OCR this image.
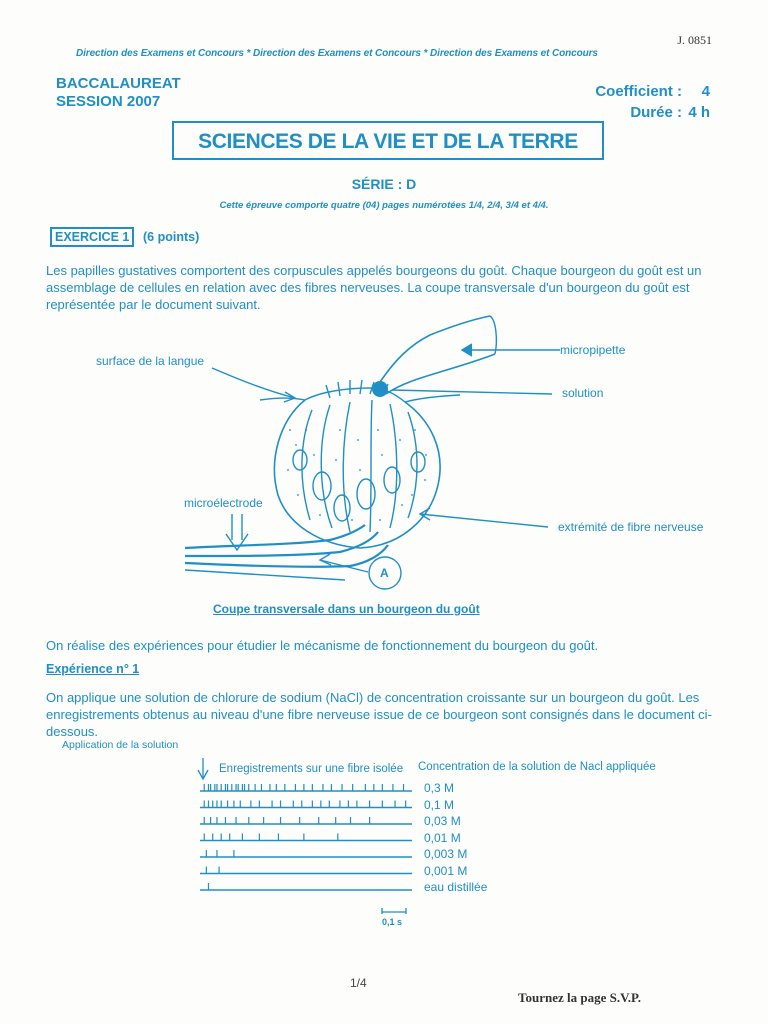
J. 0851
Direction des Examens et Concours * Direction des Examens et Concours * Direction des Examens et Concours
BACCALAUREAT
SESSION 2007
Coefficient : 4
Durée : 4 h
SCIENCES DE LA VIE ET DE LA TERRE
SÉRIE : D
Cette épreuve comporte quatre (04) pages numérotées 1/4, 2/4, 3/4 et 4/4.
EXERCICE 1	(6 points)
Les papilles gustatives comportent des corpuscules appelés bourgeons du goût. Chaque bourgeon du goût est un assemblage de cellules en relation avec des fibres nerveuses. La coupe transversale d'un bourgeon du goût est représentée par le document suivant.
surface de la langue
micropipette
solution
microélectrode
extrémité de fibre nerveuse
A
Coupe transversale dans un bourgeon du goût
On réalise des expériences pour étudier le mécanisme de fonctionnement du bourgeon du goût.
Expérience n° 1
On applique une solution de chlorure de sodium (NaCl) de concentration croissante sur un bourgeon du goût. Les enregistrements obtenus au niveau d'une fibre nerveuse issue de ce bourgeon sont consignés dans le document ci-dessous.
Application de la solution
Enregistrements sur une fibre isolée Concentration de la solution de Nacl appliquée
0,1 s
0,3 M
0,1 M
0,03 M
0,01 M
0,003 M
0,001 M
eau distillée
1/4
Tournez la page S.V.P.
